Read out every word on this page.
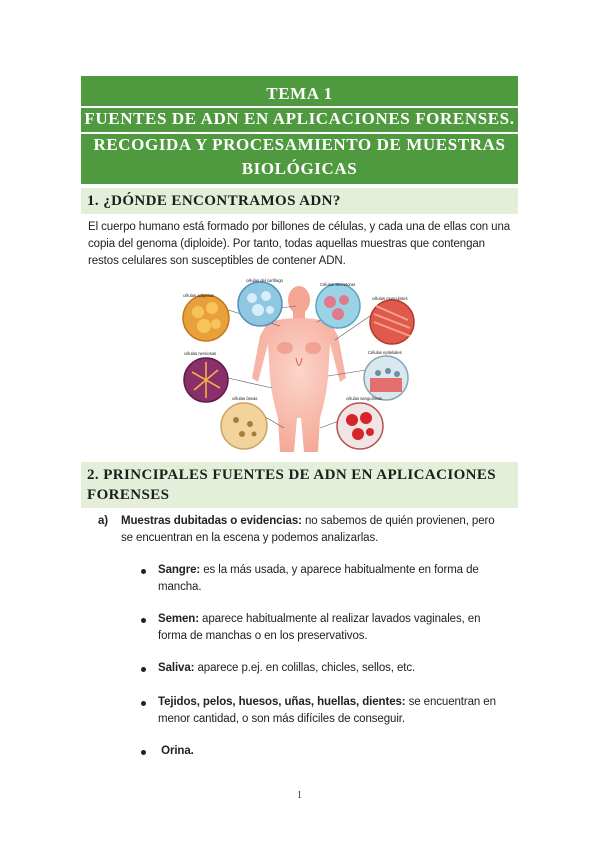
TEMA 1
FUENTES DE ADN EN APLICACIONES FORENSES.
RECOGIDA Y PROCESAMIENTO DE MUESTRAS
BIOLÓGICAS
1. ¿DÓNDE ENCONTRAMOS ADN?
El cuerpo humano está formado por billones de células, y cada una de ellas con una
copia del genoma (diploide). Por tanto, todas aquellas muestras que contengan
restos celulares son susceptibles de contener ADN.
células del cartílago
células adiposas
Células Secretoras
células musculares
células nerviosas	Células epiteliales
células óseas	células sanguíneas
2. PRINCIPALES FUENTES DE ADN EN APLICACIONES
FORENSES
a) Muestras dubitadas o evidencias: no sabemos de quién provienen, pero
se encuentran en la escena y podemos analizarlas.
Sangre: es la más usada, y aparece habitualmente en forma de
mancha.
Semen: aparece habitualmente al realizar lavados vaginales, en
forma de manchas o en los preservativos.
Saliva: aparece p.ej. en colillas, chicles, sellos, etc.
Tejidos, pelos, huesos, uñas, huellas, dientes: se encuentran en
menor cantidad, o son más difíciles de conseguir.
Orina.
1
